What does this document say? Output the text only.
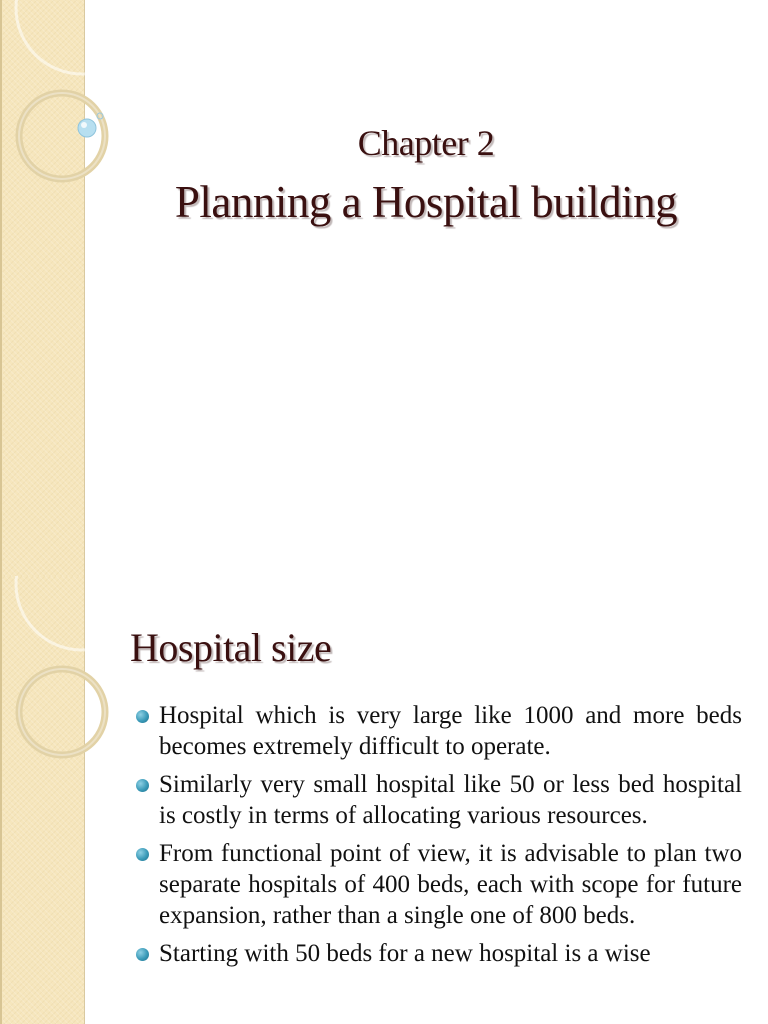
Chapter 2
Planning a Hospital building
Hospital size
Hospital which is very large like 1000 and more beds becomes extremely difficult to operate.
Similarly very small hospital like 50 or less bed hospital is costly in terms of allocating various resources.
From functional point of view, it is advisable to plan two separate hospitals of 400 beds, each with scope for future expansion, rather than a single one of 800 beds.
Starting with 50 beds for a new hospital is a wise
